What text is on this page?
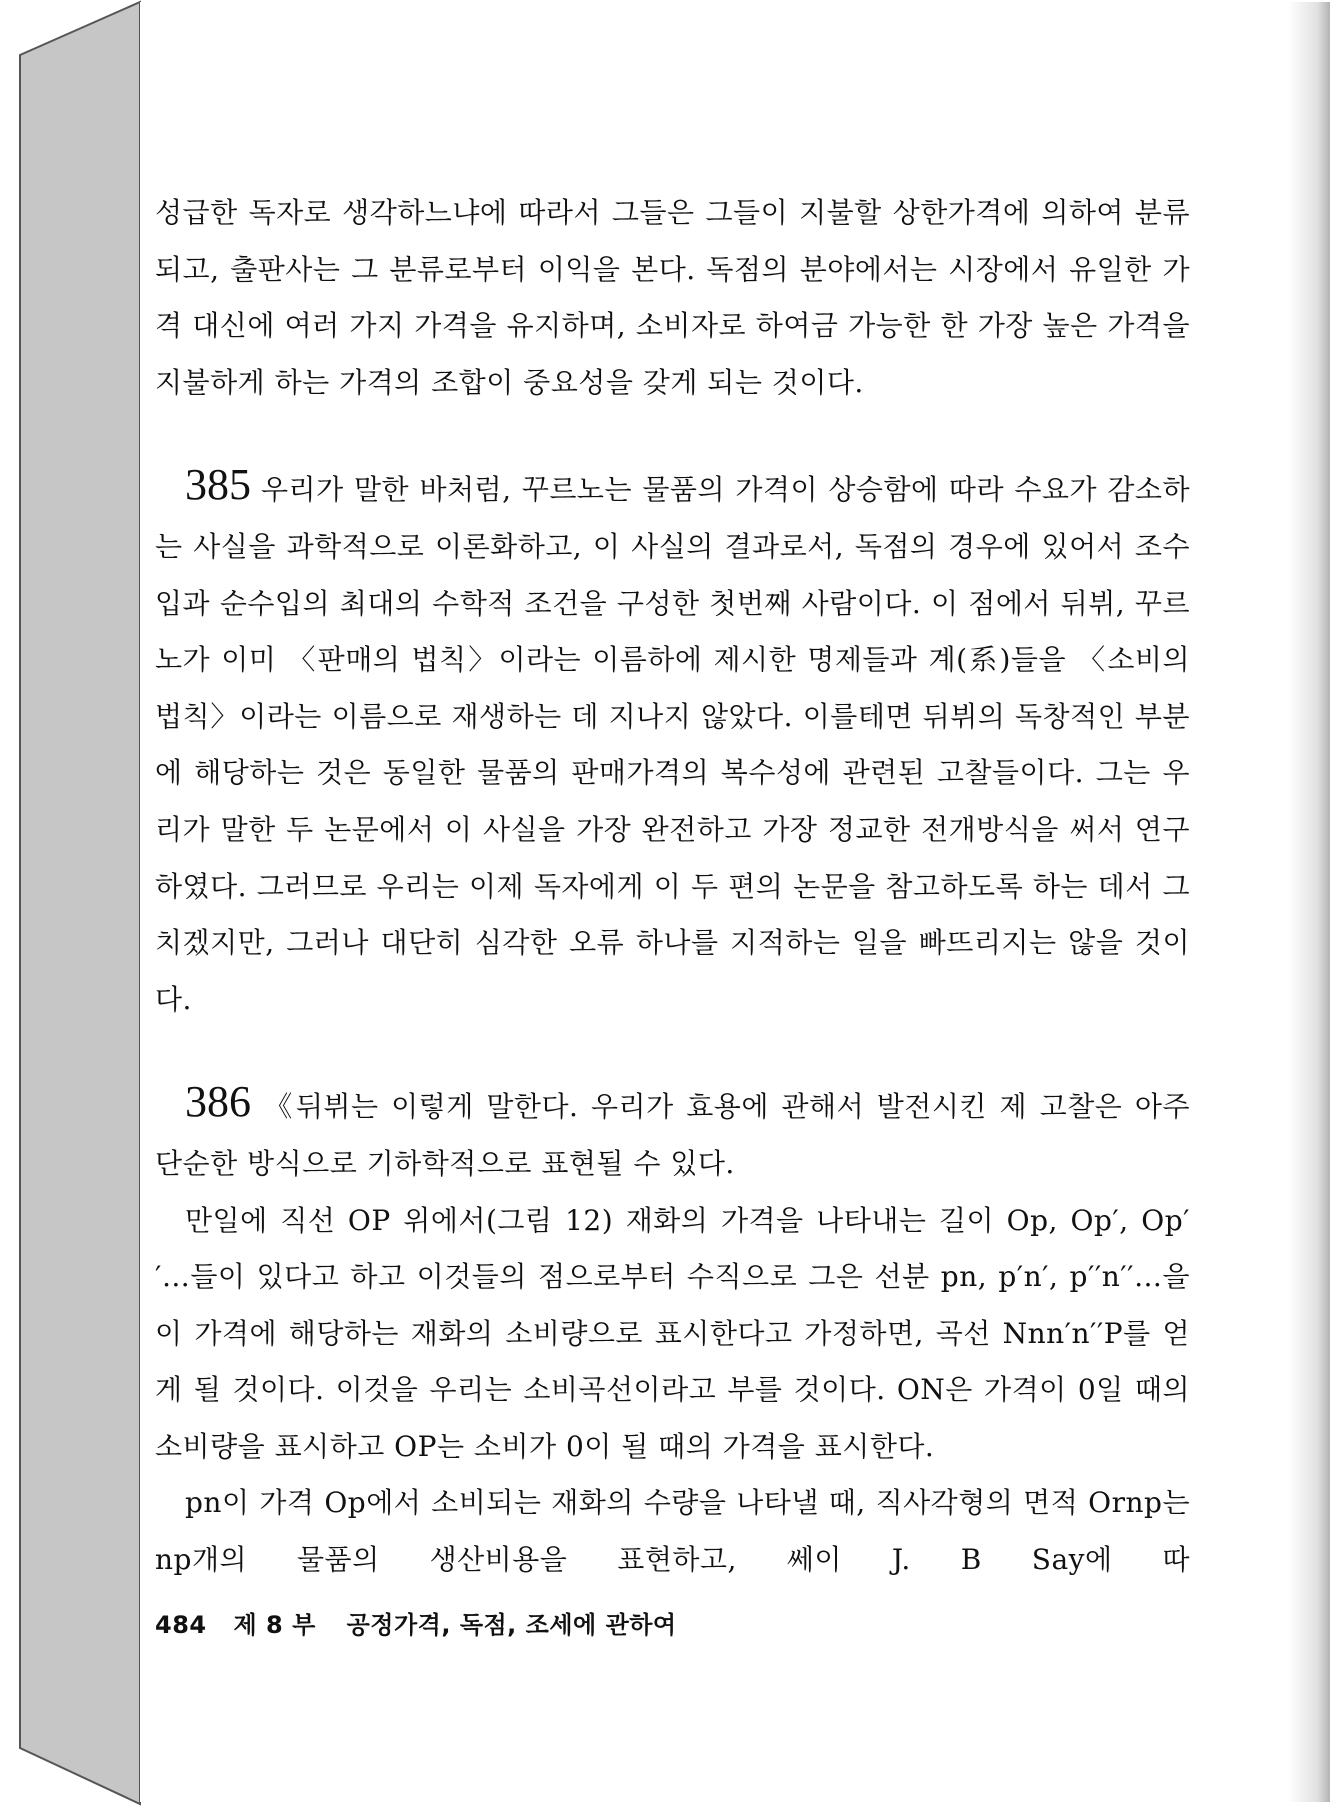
성급한 독자로 생각하느냐에 따라서 그들은 그들이 지불할 상한가격에 의하여 분류되고, 출판사는 그 분류로부터 이익을 본다. 독점의 분야에서는 시장에서 유일한 가격 대신에 여러 가지 가격을 유지하며, 소비자로 하여금 가능한 한 가장 높은 가격을 지불하게 하는 가격의 조합이 중요성을 갖게 되는 것이다.

385 우리가 말한 바처럼, 꾸르노는 물품의 가격이 상승함에 따라 수요가 감소하는 사실을 과학적으로 이론화하고, 이 사실의 결과로서, 독점의 경우에 있어서 조수입과 순수입의 최대의 수학적 조건을 구성한 첫번째 사람이다. 이 점에서 뒤뷔, 꾸르노가 이미 〈판매의 법칙〉이라는 이름하에 제시한 명제들과 계(系)들을 〈소비의 법칙〉이라는 이름으로 재생하는 데 지나지 않았다. 이를테면 뒤뷔의 독창적인 부분에 해당하는 것은 동일한 물품의 판매가격의 복수성에 관련된 고찰들이다. 그는 우리가 말한 두 논문에서 이 사실을 가장 완전하고 가장 정교한 전개방식을 써서 연구하였다. 그러므로 우리는 이제 독자에게 이 두 편의 논문을 참고하도록 하는 데서 그치겠지만, 그러나 대단히 심각한 오류 하나를 지적하는 일을 빠뜨리지는 않을 것이다.

386 《뒤뷔는 이렇게 말한다. 우리가 효용에 관해서 발전시킨 제 고찰은 아주 단순한 방식으로 기하학적으로 표현될 수 있다.

만일에 직선 OP 위에서(그림 12) 재화의 가격을 나타내는 길이 Op, Op′, Op′′…들이 있다고 하고 이것들의 점으로부터 수직으로 그은 선분 pn, p′n′, p′′n′′…을 이 가격에 해당하는 재화의 소비량으로 표시한다고 가정하면, 곡선 Nnn′n′′P를 얻게 될 것이다. 이것을 우리는 소비곡선이라고 부를 것이다. ON은 가격이 0일 때의 소비량을 표시하고 OP는 소비가 0이 될 때의 가격을 표시한다.

pn이 가격 Op에서 소비되는 재화의 수량을 나타낼 때, 직사각형의 면적 Ornp는 np개의 물품의 생산비용을 표현하고, 쎄이 J. B Say에 따

484 제 8 부 공정가격, 독점, 조세에 관하여
